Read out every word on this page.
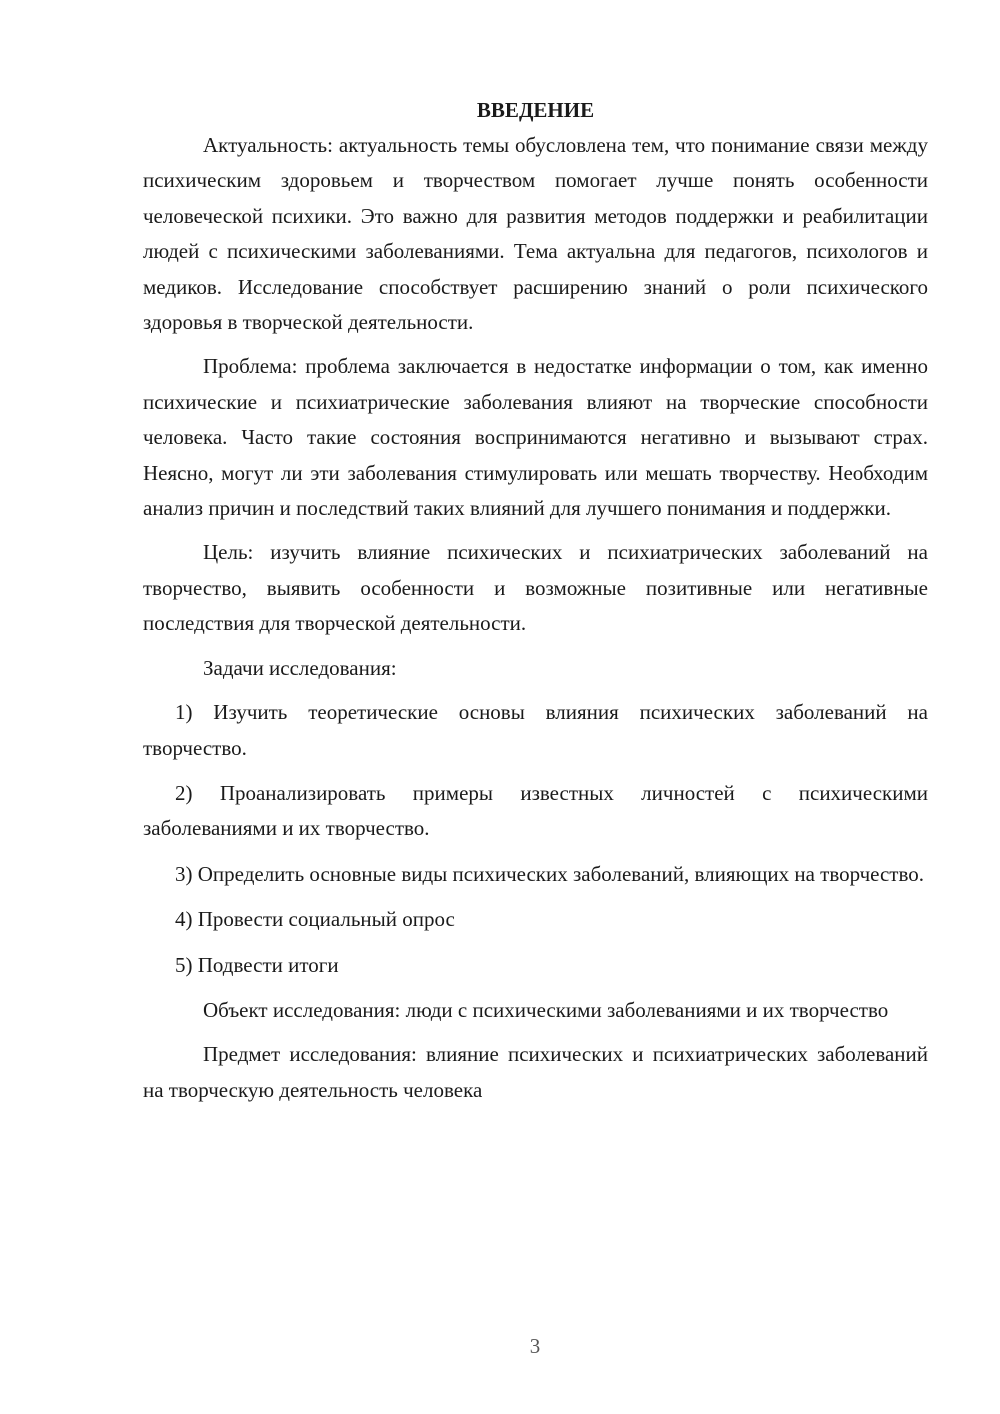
ВВЕДЕНИЕ

Актуальность: актуальность темы обусловлена тем, что понимание связи между психическим здоровьем и творчеством помогает лучше понять особенности человеческой психики. Это важно для развития методов поддержки и реабилитации людей с психическими заболеваниями. Тема актуальна для педагогов, психологов и медиков. Исследование способствует расширению знаний о роли психического здоровья в творческой деятельности.

Проблема: проблема заключается в недостатке информации о том, как именно психические и психиатрические заболевания влияют на творческие способности человека. Часто такие состояния воспринимаются негативно и вызывают страх. Неясно, могут ли эти заболевания стимулировать или мешать творчеству. Необходим анализ причин и последствий таких влияний для лучшего понимания и поддержки.

Цель: изучить влияние психических и психиатрических заболеваний на творчество, выявить особенности и возможные позитивные или негативные последствия для творческой деятельности.

Задачи исследования:

1) Изучить теоретические основы влияния психических заболеваний на творчество.

2) Проанализировать примеры известных личностей с психическими заболеваниями и их творчество.

3) Определить основные виды психических заболеваний, влияющих на творчество.

4) Провести социальный опрос

5) Подвести итоги

Объект исследования: люди с психическими заболеваниями и их творчество

Предмет исследования: влияние психических и психиатрических заболеваний на творческую деятельность человека

3
